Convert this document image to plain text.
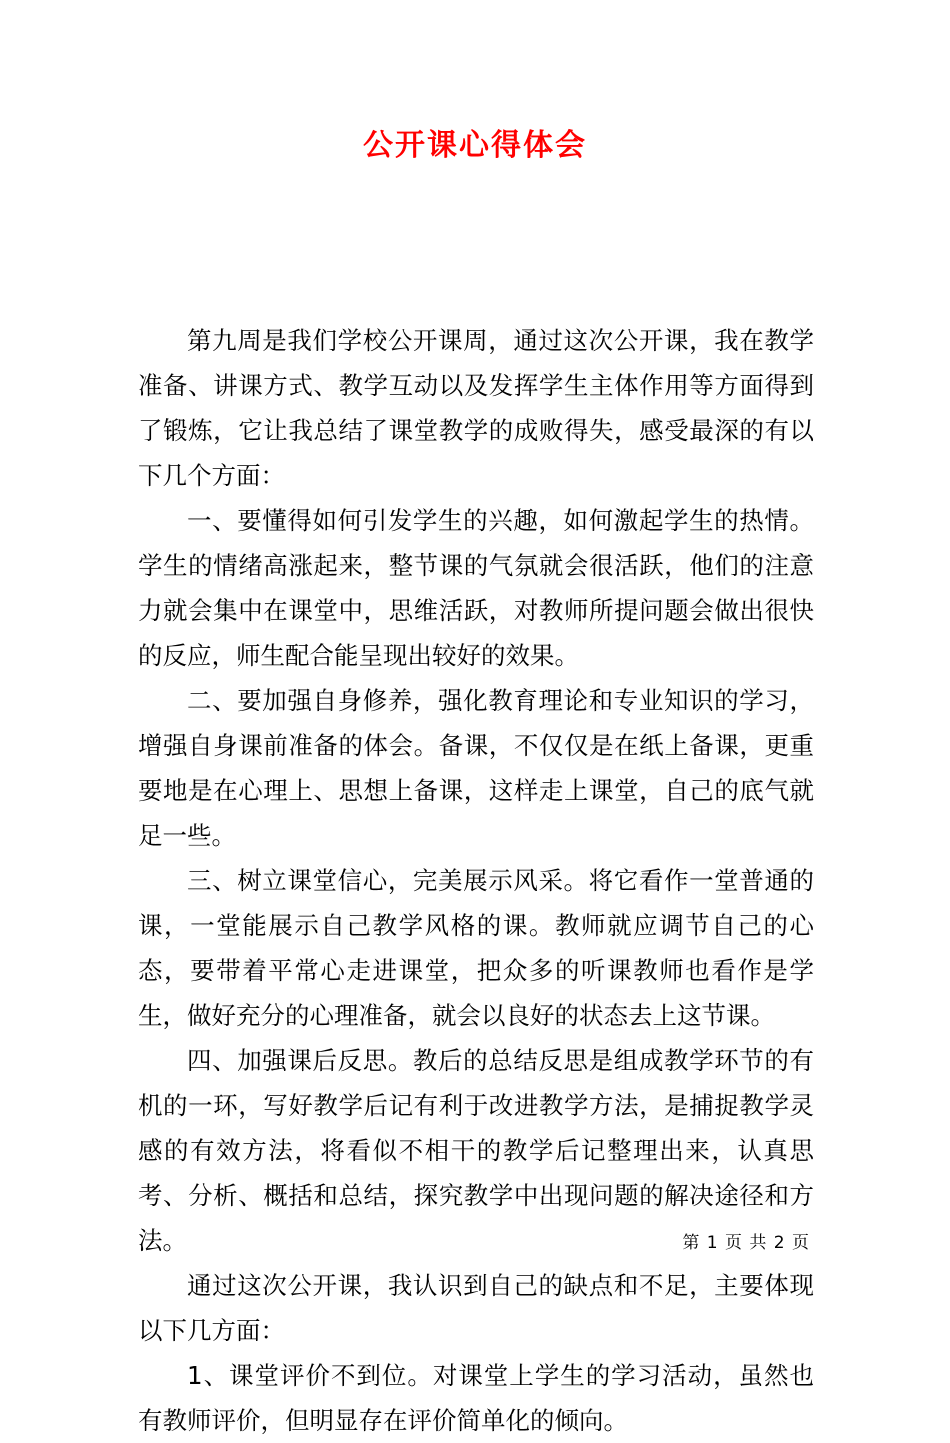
公开课心得体会

第九周是我们学校公开课周，通过这次公开课，我在教学准备、讲课方式、教学互动以及发挥学生主体作用等方面得到了锻炼，它让我总结了课堂教学的成败得失，感受最深的有以下几个方面：

一、要懂得如何引发学生的兴趣，如何激起学生的热情。学生的情绪高涨起来，整节课的气氛就会很活跃，他们的注意力就会集中在课堂中，思维活跃，对教师所提问题会做出很快的反应，师生配合能呈现出较好的效果。

二、要加强自身修养，强化教育理论和专业知识的学习，增强自身课前准备的体会。备课，不仅仅是在纸上备课，更重要地是在心理上、思想上备课，这样走上课堂，自己的底气就足一些。

三、树立课堂信心，完美展示风采。将它看作一堂普通的课，一堂能展示自己教学风格的课。教师就应调节自己的心态，要带着平常心走进课堂，把众多的听课教师也看作是学生，做好充分的心理准备，就会以良好的状态去上这节课。

四、加强课后反思。教后的总结反思是组成教学环节的有机的一环，写好教学后记有利于改进教学方法，是捕捉教学灵感的有效方法，将看似不相干的教学后记整理出来，认真思考、分析、概括和总结，探究教学中出现问题的解决途径和方法。

通过这次公开课，我认识到自己的缺点和不足，主要体现以下几方面：

1、课堂评价不到位。对课堂上学生的学习活动，虽然也有教师评价，但明显存在评价简单化的倾向。

第 1 页 共 2 页
